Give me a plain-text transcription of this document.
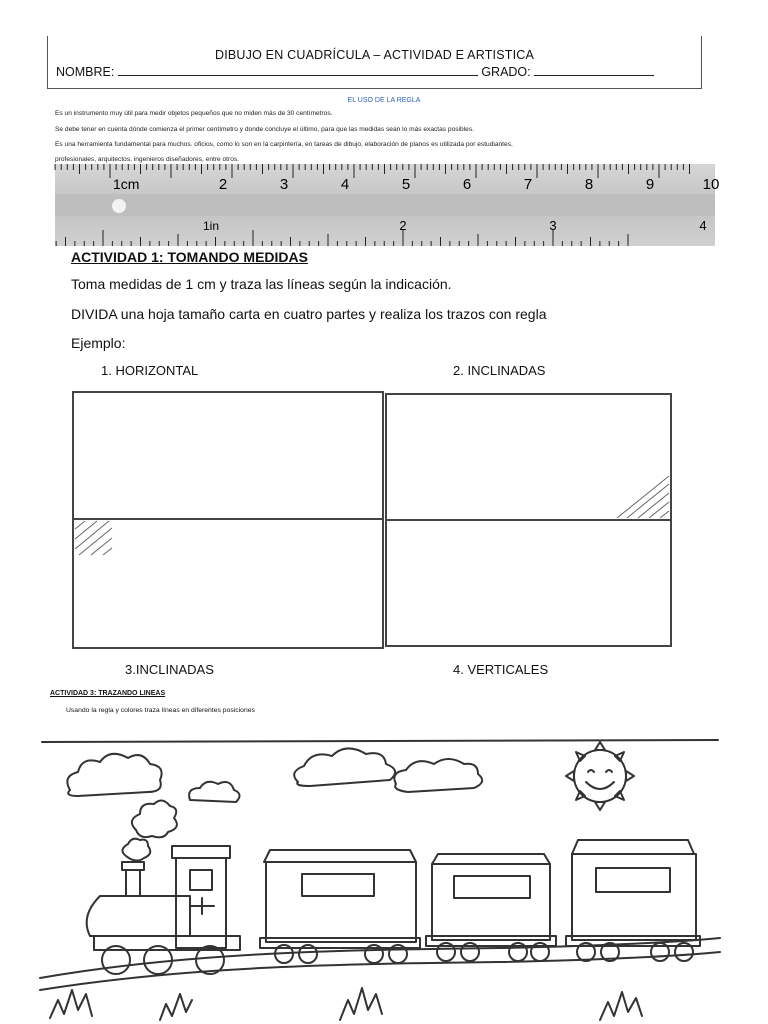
DIBUJO EN CUADRÍCULA – ACTIVIDAD E ARTISTICA
NOMBRE:	GRADO:
EL USO DE LA REGLA
Es un instrumento muy útil para medir objetos pequeños que no miden más de 30 centímetros.
Se debe tener en cuenta dónde comienza el primer centímetro y donde concluye el último, para que las medidas sean lo más exactas posibles.
Es una herramienta fundamental para muchos. oficios, como lo son en la carpintería, en tareas de dibujo, elaboración de planos es utilizada por estudiantes,
profesionales, arquitectos, ingenieros diseñadores, entre otros.
1cm	2	3	4	5	6	7	8	9	10
1in	2	3	4
ACTIVIDAD 1: TOMANDO MEDIDAS
Toma medidas de 1 cm y traza las líneas según la indicación.
DIVIDA una hoja tamaño carta en cuatro partes y realiza los trazos con regla
Ejemplo:
1. HORIZONTAL	2. INCLINADAS
3.INCLINADAS	4. VERTICALES
ACTIVIDAD 3: TRAZANDO LINEAS
Usando la regla y colores traza líneas en diferentes posiciones
